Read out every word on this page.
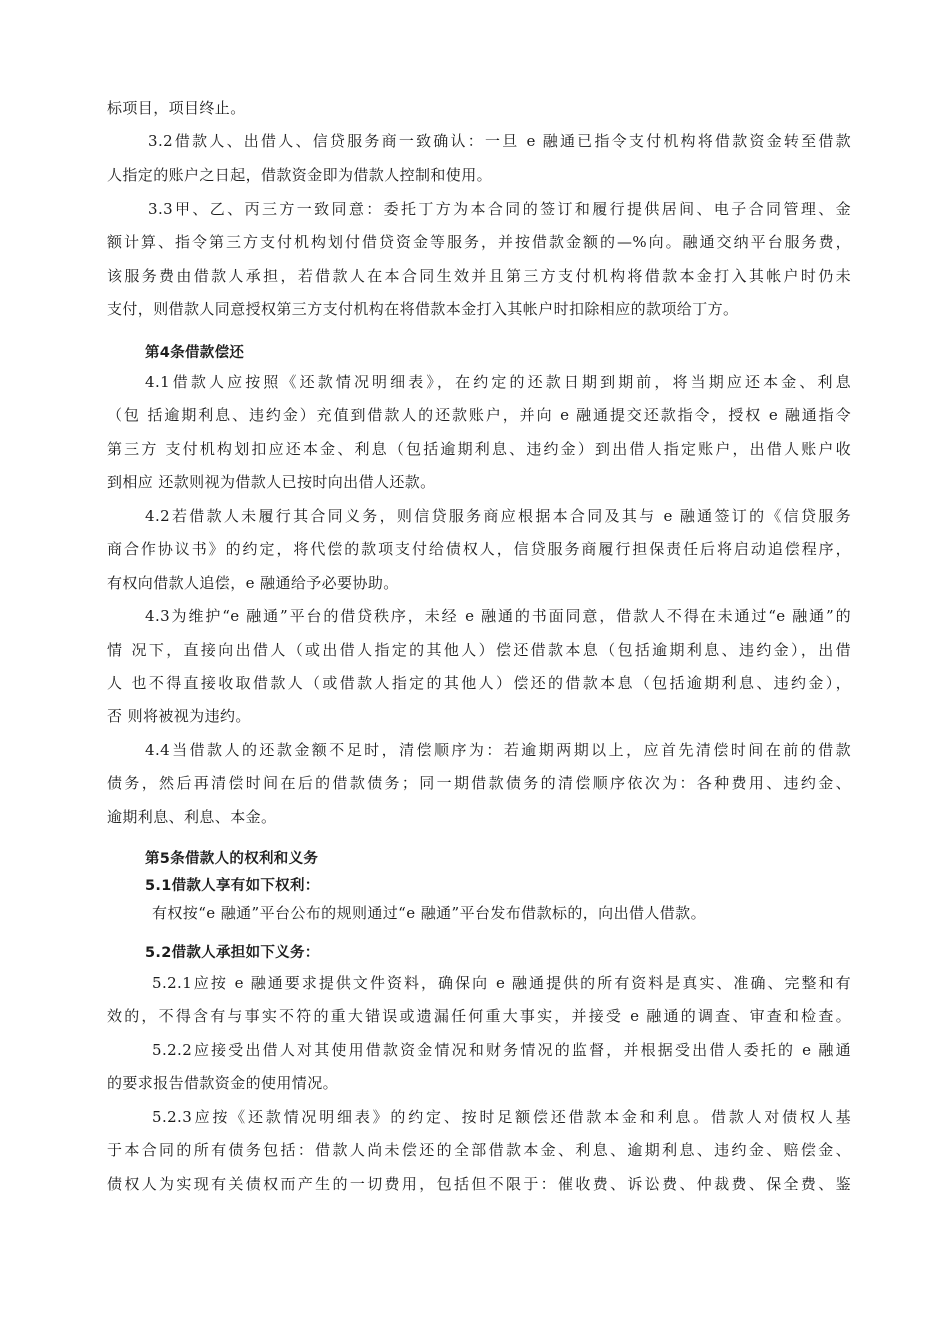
标项目，项目终止。
3.2借款人、出借人、信贷服务商一致确认：一旦 e 融通已指令支付机构将借款资金转至借款
人指定的账户之日起，借款资金即为借款人控制和使用。
3.3甲、乙、丙三方一致同意：委托丁方为本合同的签订和履行提供居间、电子合同管理、金
额计算、指令第三方支付机构划付借贷资金等服务，并按借款金额的—%向。融通交纳平台服务费，
该服务费由借款人承担，若借款人在本合同生效并且第三方支付机构将借款本金打入其帐户时仍未
支付，则借款人同意授权第三方支付机构在将借款本金打入其帐户时扣除相应的款项给丁方。
第4条借款偿还
4.1借款人应按照《还款情况明细表》，在约定的还款日期到期前，将当期应还本金、利息
（包 括逾期利息、违约金）充值到借款人的还款账户，并向 e 融通提交还款指令，授权 e 融通指令
第三方 支付机构划扣应还本金、利息（包括逾期利息、违约金）到出借人指定账户，出借人账户收
到相应 还款则视为借款人已按时向出借人还款。
4.2若借款人未履行其合同义务，则信贷服务商应根据本合同及其与 e 融通签订的《信贷服务
商合作协议书》的约定，将代偿的款项支付给债权人，信贷服务商履行担保责任后将启动追偿程序，
有权向借款人追偿，e 融通给予必要协助。
4.3为维护“e 融通”平台的借贷秩序，未经 e 融通的书面同意，借款人不得在未通过“e 融通”的
情 况下，直接向出借人（或出借人指定的其他人）偿还借款本息（包括逾期利息、违约金），出借
人 也不得直接收取借款人（或借款人指定的其他人）偿还的借款本息（包括逾期利息、违约金），
否 则将被视为违约。
4.4当借款人的还款金额不足时，清偿顺序为：若逾期两期以上，应首先清偿时间在前的借款
债务，然后再清偿时间在后的借款债务；同一期借款债务的清偿顺序依次为：各种费用、违约金、
逾期利息、利息、本金。
第5条借款人的权利和义务
5.1借款人享有如下权利：
有权按“e 融通”平台公布的规则通过“e 融通”平台发布借款标的，向出借人借款。
5.2借款人承担如下义务：
5.2.1应按 e 融通要求提供文件资料，确保向 e 融通提供的所有资料是真实、准确、完整和有
效的，不得含有与事实不符的重大错误或遗漏任何重大事实，并接受 e 融通的调查、审查和检查。
5.2.2应接受出借人对其使用借款资金情况和财务情况的监督，并根据受出借人委托的 e 融通
的要求报告借款资金的使用情况。
5.2.3应按《还款情况明细表》的约定、按时足额偿还借款本金和利息。借款人对债权人基
于本合同的所有债务包括：借款人尚未偿还的全部借款本金、利息、逾期利息、违约金、赔偿金、
债权人为实现有关债权而产生的一切费用，包括但不限于：催收费、诉讼费、仲裁费、保全费、鉴
